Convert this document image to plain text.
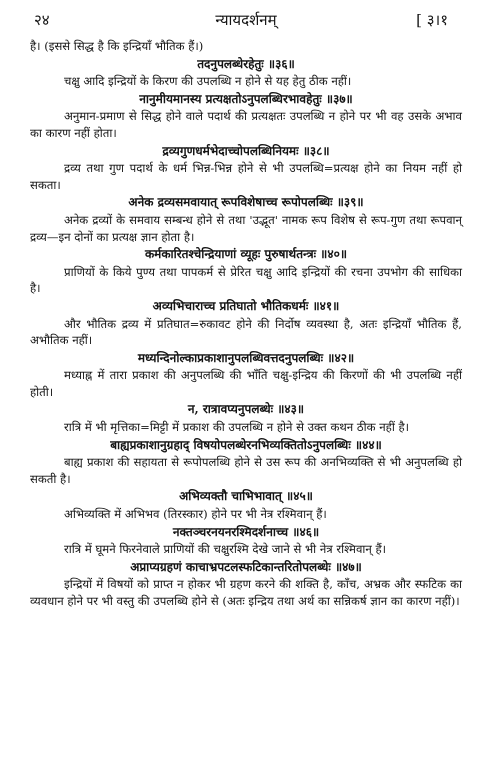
२४	न्यायदर्शनम्	[ ३।१

है। (इससे सिद्ध है कि इन्द्रियाँ भौतिक हैं।)

तदनुपलब्धेरहेतुः ॥३६॥

चक्षु आदि इन्द्रियों के किरण की उपलब्धि न होने से यह हेतु ठीक नहीं।

नानुमीयमानस्य प्रत्यक्षतोऽनुपलब्धिरभावहेतुः ॥३७॥

अनुमान-प्रमाण से सिद्ध होने वाले पदार्थ की प्रत्यक्षतः उपलब्धि न होने पर भी वह उसके अभाव का कारण नहीं होता।

द्रव्यगुणधर्मभेदाच्चोपलब्धिनियमः ॥३८॥

द्रव्य तथा गुण पदार्थ के धर्म भिन्न-भिन्न होने से भी उपलब्धि=प्रत्यक्ष होने का नियम नहीं हो सकता।

अनेक द्रव्यसमवायात् रूपविशेषाच्च रूपोपलब्धिः ॥३९॥

अनेक द्रव्यों के समवाय सम्बन्ध होने से तथा 'उद्भूत' नामक रूप विशेष से रूप-गुण तथा रूपवान् द्रव्य—इन दोनों का प्रत्यक्ष ज्ञान होता है।

कर्मकारितश्चेन्द्रियाणां व्यूहः पुरुषार्थतन्त्रः ॥४०॥

प्राणियों के किये पुण्य तथा पापकर्म से प्रेरित चक्षु आदि इन्द्रियों की रचना उपभोग की साधिका है।

अव्यभिचाराच्च प्रतिघातो भौतिकधर्मः ॥४१॥

और भौतिक द्रव्य में प्रतिघात=रुकावट होने की निर्दोष व्यवस्था है, अतः इन्द्रियाँ भौतिक हैं, अभौतिक नहीं।

मध्यन्दिनोल्काप्रकाशानुपलब्धिवत्तदनुपलब्धिः ॥४२॥

मध्याह्न में तारा प्रकाश की अनुपलब्धि की भाँति चक्षु-इन्द्रिय की किरणों की भी उपलब्धि नहीं होती।

न, रात्रावप्यनुपलब्धेः ॥४३॥

रात्रि में भी मृत्तिका=मिट्टी में प्रकाश की उपलब्धि न होने से उक्त कथन ठीक नहीं है।

बाह्यप्रकाशानुग्रहाद् विषयोपलब्धेरनभिव्यक्तितोऽनुपलब्धिः ॥४४॥

बाह्य प्रकाश की सहायता से रूपोपलब्धि होने से उस रूप की अनभिव्यक्ति से भी अनुपलब्धि हो सकती है।

अभिव्यक्तौ चाभिभावात् ॥४५॥

अभिव्यक्ति में अभिभव (तिरस्कार) होने पर भी नेत्र रश्मिवान् हैं।

नक्तञ्चरनयनरश्मिदर्शनाच्च ॥४६॥

रात्रि में घूमने फिरनेवाले प्राणियों की चक्षुरश्मि देखे जाने से भी नेत्र रश्मिवान् हैं।

अप्राप्यग्रहणं काचाभ्रपटलस्फटिकान्तरितोपलब्धेः ॥४७॥

इन्द्रियों में विषयों को प्राप्त न होकर भी ग्रहण करने की शक्ति है, काँच, अभ्रक और स्फटिक का व्यवधान होने पर भी वस्तु की उपलब्धि होने से (अतः इन्द्रिय तथा अर्थ का सन्निकर्ष ज्ञान का कारण नहीं)।
